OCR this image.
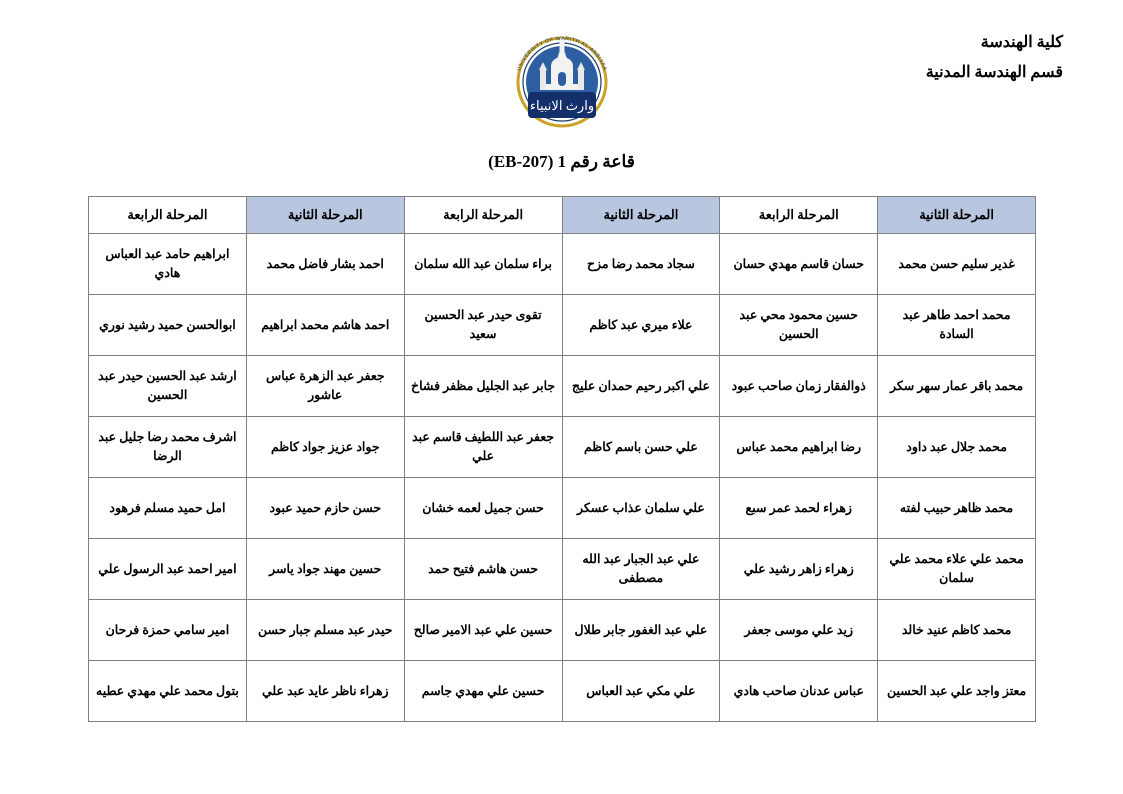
كلية الهندسة
قسم الهندسة المدنية
وارث الانبياء
UNIVERSITY OF WARITH AL-ANBIYAA
قاعة رقم 1 (EB-207)
المرحلة الثانية	المرحلة الرابعة	المرحلة الثانية	المرحلة الرابعة	المرحلة الثانية	المرحلة الرابعة
غدير سليم حسن محمد	حسان قاسم مهدي حسان	سجاد محمد رضا مزح	براء سلمان عبد الله سلمان	احمد بشار فاضل محمد	ابراهيم حامد عبد العباس هادي
محمد احمد طاهر عبد السادة	حسين محمود محي عبد الحسين	علاء ميري عبد كاظم	تقوى حيدر عبد الحسين سعيد	احمد هاشم محمد ابراهيم	ابوالحسن حميد رشيد نوري
محمد باقر عمار سهر سكر	ذوالفقار زمان صاحب عبود	علي اكبر رحيم حمدان عليج	جابر عبد الجليل مظفر فشاخ	جعفر عبد الزهرة عباس عاشور	ارشد عبد الحسين حيدر عبد الحسين
محمد جلال عبد داود	رضا ابراهيم محمد عباس	علي حسن باسم كاظم	جعفر عبد اللطيف قاسم عبد علي	جواد عزيز جواد كاظم	اشرف محمد رضا جليل عبد الرضا
محمد ظاهر حبيب لفته	زهراء لحمد عمر سبع	علي سلمان عذاب عسكر	حسن جميل لعمه خشان	حسن حازم حميد عبود	امل حميد مسلم فرهود
محمد علي علاء محمد علي سلمان	زهراء زاهر رشيد علي	علي عبد الجبار عبد الله مصطفى	حسن هاشم فتيح حمد	حسين مهند جواد ياسر	امير احمد عبد الرسول علي
محمد كاظم عنيد خالد	زيد علي موسى جعفر	علي عبد الغفور جابر طلال	حسين علي عبد الامير صالح	حيدر عبد مسلم جبار حسن	امير سامي حمزة فرحان
معتز واجد علي عبد الحسين	عباس عدنان صاحب هادي	علي مكي عبد العباس	حسين علي مهدي جاسم	زهراء ناظر عايد عبد علي	بتول محمد علي مهدي عطيه
